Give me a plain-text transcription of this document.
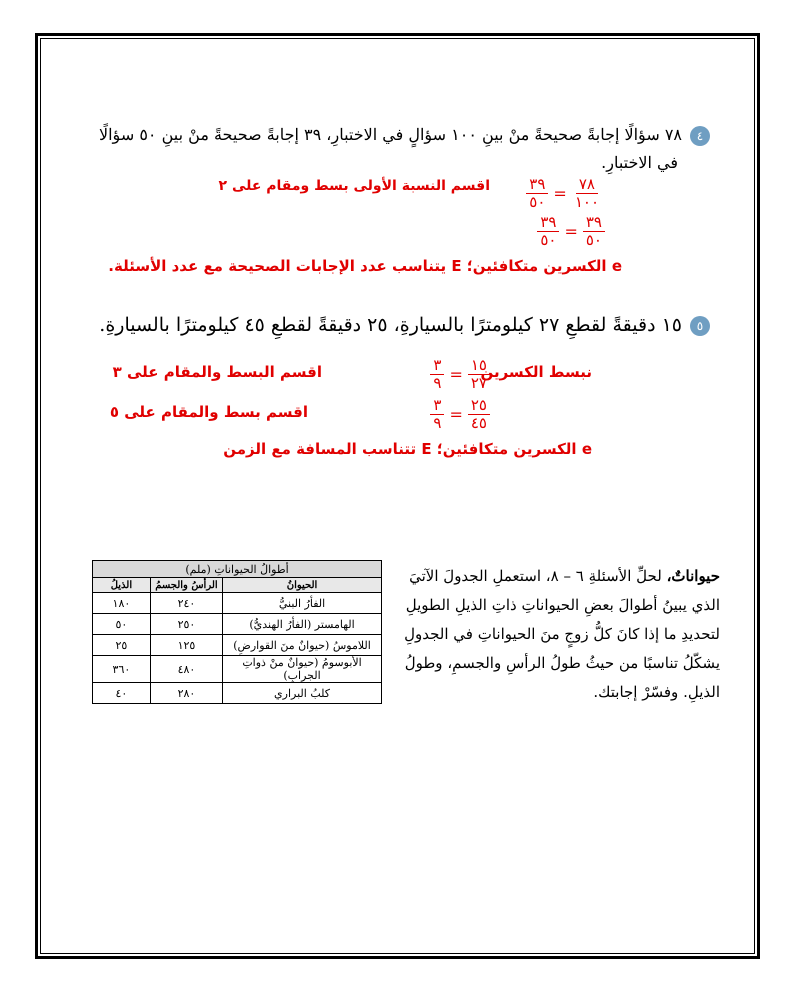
٤٧٨ سؤالًا إجابةً صحيحةً منْ بينِ ١٠٠ سؤالٍ في الاختبارِ، ٣٩ إجابةً صحيحةً منْ بينِ ٥٠ سؤالًا
في الاختبارِ.
اقسم النسبة الأولى بسط ومقام على ٢	$\frac{٧٨}{١٠٠}$
=
$\frac{٣٩}{٥٠}$
$\frac{٣٩}{٥٠}$
=
$\frac{٣٩}{٥٠}$
e الكسرين متكافئين؛ E يتناسب عدد الإجابات الصحيحة مع عدد الأسئلة.
٥١٥ دقيقةً لقطعِ ٢٧ كيلومترًا بالسيارةِ، ٢٥ دقيقةً لقطعِ ٤٥ كيلومترًا بالسيارةِ.
نبسط الكسرين
$\frac{١٥}{٢٧}$
=
$\frac{٣}{٩}$
اقسم البسط والمقام على ٣
$\frac{٢٥}{٤٥}$
=
$\frac{٣}{٩}$
اقسم بسط والمقام على ٥
e الكسرين متكافئين؛ E تتناسب المسافة مع الزمن
حيواناتٌ، لحلِّ الأسئلةِ ٦ – ٨، استعملِ الجدولَ الآتيَ الذي يبينُ أطوالَ بعضِ الحيواناتِ ذاتِ الذيلِ الطويلِ لتحديدِ ما إذا كانَ كلُّ زوجٍ منَ الحيواناتِ في الجدولِ يشكّلُ تناسبًا من حيثُ طولُ الرأسِ والجسمِ، وطولُ الذيلِ. وفسّرْ إجابتك.
أطوالُ الحيواناتِ (ملم)		
الحيوانُ	الرأسُ والجسمُ	الذيلُ
الفأرُ البنيُّ	٢٤٠	١٨٠
الهامستر (الفأرُ الهنديُّ)	٢٥٠	٥٠
اللاموسُ (حيوانٌ منَ القوارضِ)	١٢٥	٢٥
الأبوسومُ (حيوانٌ منْ ذواتِ الجرابِ)	٤٨٠	٣٦٠
كلبُ البراري	٢٨٠	٤٠
